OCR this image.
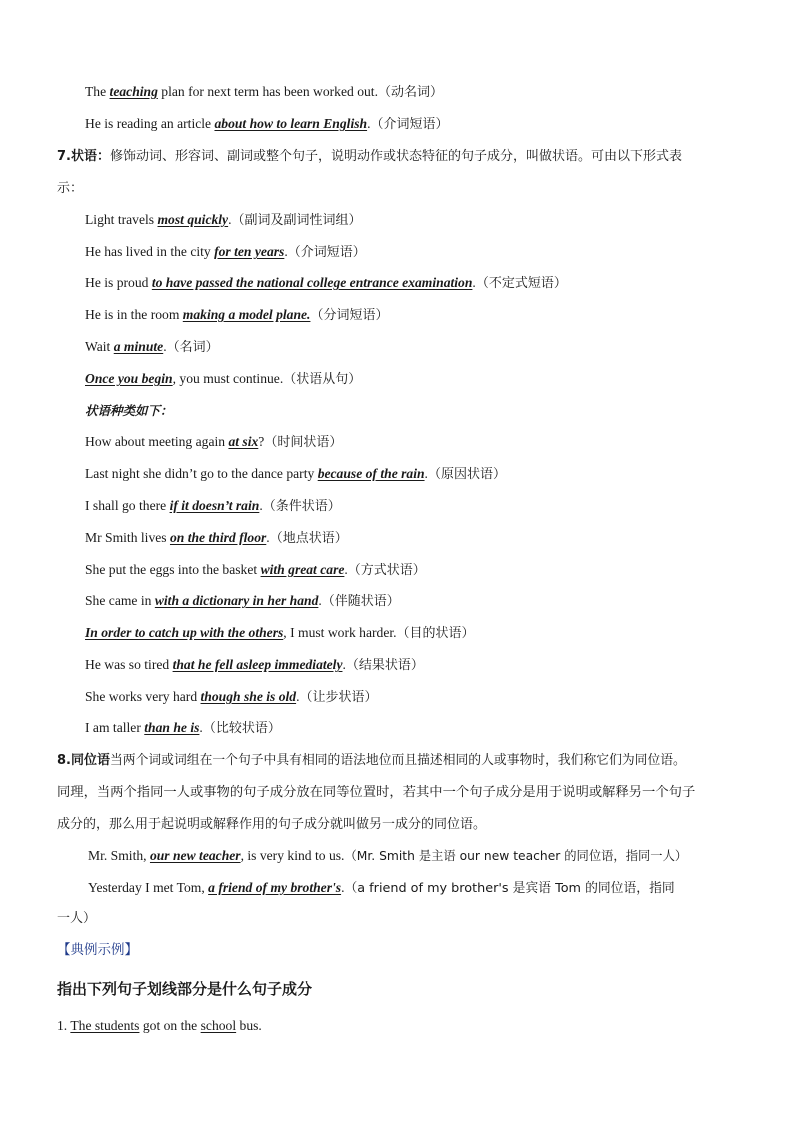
The teaching plan for next term has been worked out.（动名词）
He is reading an article about how to learn English.（介词短语）
7.状语：修饰动词、形容词、副词或整个句子，说明动作或状态特征的句子成分，叫做状语。可由以下形式表
示：
Light travels most quickly.（副词及副词性词组）
He has lived in the city for ten years.（介词短语）
He is proud to have passed the national college entrance examination.（不定式短语）
He is in the room making a model plane.（分词短语）
Wait a minute.（名词）
Once you begin, you must continue.（状语从句）
状语种类如下：
How about meeting again at six?（时间状语）
Last night she didn’t go to the dance party because of the rain.（原因状语）
I shall go there if it doesn’t rain.（条件状语）
Mr Smith lives on the third floor.（地点状语）
She put the eggs into the basket with great care.（方式状语）
She came in with a dictionary in her hand.（伴随状语）
In order to catch up with the others, I must work harder.（目的状语）
He was so tired that he fell asleep immediately.（结果状语）
She works very hard though she is old.（让步状语）
I am taller than he is.（比较状语）
8.同位语当两个词或词组在一个句子中具有相同的语法地位而且描述相同的人或事物时，我们称它们为同位语。
同理，当两个指同一人或事物的句子成分放在同等位置时，若其中一个句子成分是用于说明或解释另一个句子
成分的，那么用于起说明或解释作用的句子成分就叫做另一成分的同位语。
Mr. Smith, our new teacher, is very kind to us.（Mr. Smith 是主语 our new teacher 的同位语，指同一人）
Yesterday I met Tom, a friend of my brother's.（a friend of my brother's 是宾语 Tom 的同位语，指同
一人）
【典例示例】
指出下列句子划线部分是什么句子成分
1. The students got on the school bus.
